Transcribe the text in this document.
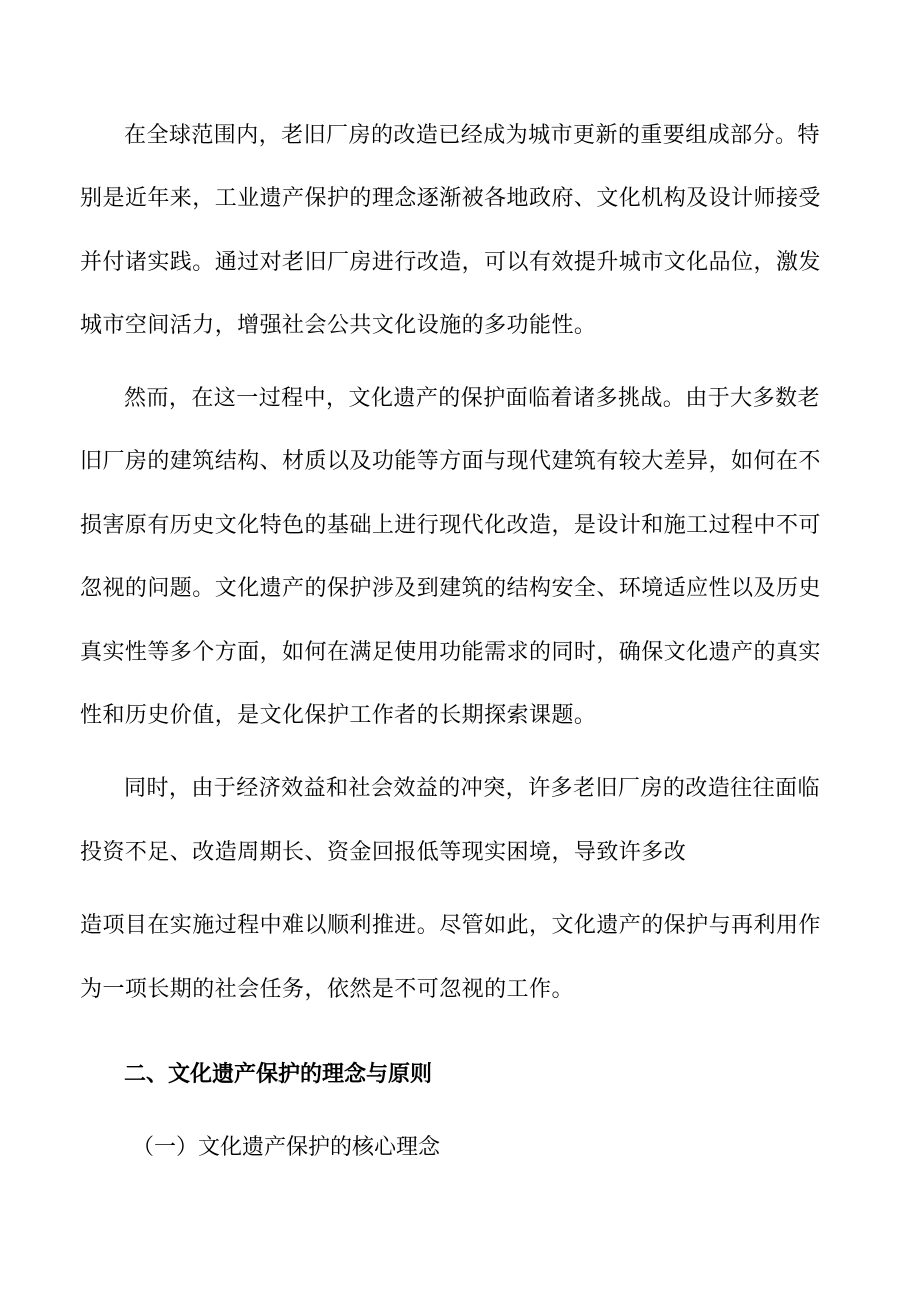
在全球范围内，老旧厂房的改造已经成为城市更新的重要组成部分。特
别是近年来，工业遗产保护的理念逐渐被各地政府、文化机构及设计师接受
并付诸实践。通过对老旧厂房进行改造，可以有效提升城市文化品位，激发
城市空间活力，增强社会公共文化设施的多功能性。
然而，在这一过程中，文化遗产的保护面临着诸多挑战。由于大多数老
旧厂房的建筑结构、材质以及功能等方面与现代建筑有较大差异，如何在不
损害原有历史文化特色的基础上进行现代化改造，是设计和施工过程中不可
忽视的问题。文化遗产的保护涉及到建筑的结构安全、环境适应性以及历史
真实性等多个方面，如何在满足使用功能需求的同时，确保文化遗产的真实
性和历史价值，是文化保护工作者的长期探索课题。
同时，由于经济效益和社会效益的冲突，许多老旧厂房的改造往往面临
投资不足、改造周期长、资金回报低等现实困境，导致许多改
造项目在实施过程中难以顺利推进。尽管如此，文化遗产的保护与再利用作
为一项长期的社会任务，依然是不可忽视的工作。
二、文化遗产保护的理念与原则
（一）文化遗产保护的核心理念
